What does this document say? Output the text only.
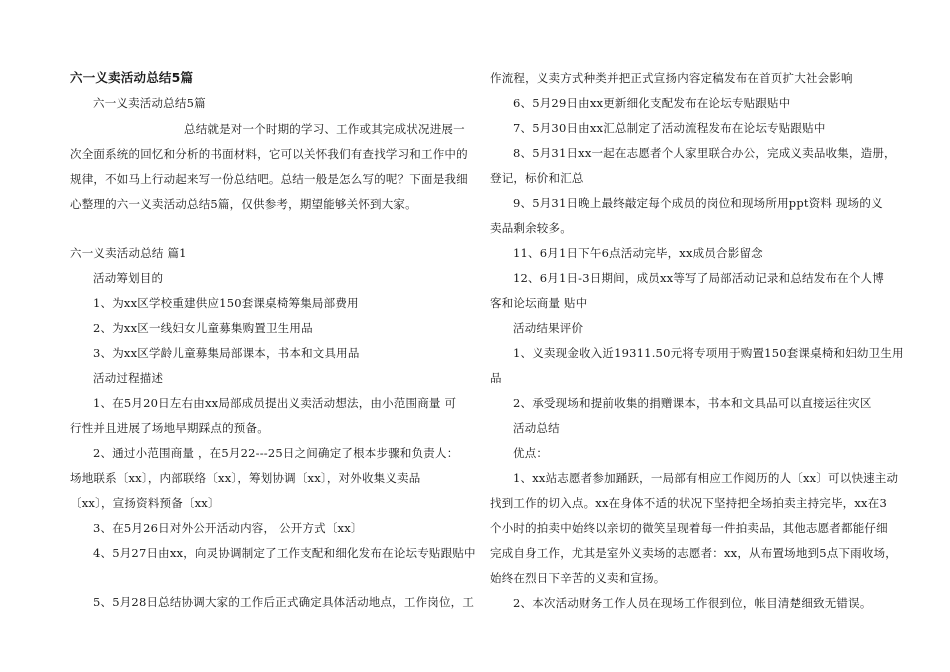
六一义卖活动总结5篇
六一义卖活动总结5篇
总结就是对一个时期的学习、工作或其完成状况进展一
次全面系统的回忆和分析的书面材料，它可以关怀我们有查找学习和工作中的
规律，不如马上行动起来写一份总结吧。总结一般是怎么写的呢？下面是我细
心整理的六一义卖活动总结5篇，仅供参考，期望能够关怀到大家。
六一义卖活动总结 篇1
活动筹划目的
1、为xx区学校重建供应150套课桌椅筹集局部费用
2、为xx区一线妇女儿童募集购置卫生用品
3、为xx区学龄儿童募集局部课本，书本和文具用品
活动过程描述
1、在5月20日左右由xx局部成员提出义卖活动想法，由小范围商量 可
行性并且进展了场地早期踩点的预备。
2、通过小范围商量 ，在5月22---25日之间确定了根本步骤和负责人：
场地联系〔xx〕，内部联络〔xx〕，筹划协调〔xx〕，对外收集义卖品
〔xx〕，宣扬资料预备〔xx〕
3、在5月26日对外公开活动内容， 公开方式〔xx〕
4、5月27日由xx，向灵协调制定了工作支配和细化发布在论坛专贴跟贴中
5、5月28日总结协调大家的工作后正式确定具体活动地点，工作岗位，工
作流程，义卖方式种类并把正式宣扬内容定稿发布在首页扩大社会影响
6、5月29日由xx更新细化支配发布在论坛专贴跟贴中
7、5月30日由xx汇总制定了活动流程发布在论坛专贴跟贴中
8、5月31日xx一起在志愿者个人家里联合办公，完成义卖品收集，造册，
登记，标价和汇总
9、5月31日晚上最终敲定每个成员的岗位和现场所用ppt资料 现场的义
卖品剩余较多。
11、6月1日下午6点活动完毕，xx成员合影留念
12、6月1日-3日期间，成员xx等写了局部活动记录和总结发布在个人博
客和论坛商量 贴中
活动结果评价
1、义卖现金收入近19311.50元将专项用于购置150套课桌椅和妇幼卫生用
品
2、承受现场和提前收集的捐赠课本，书本和文具品可以直接运往灾区
活动总结
优点：
1、xx站志愿者参加踊跃，一局部有相应工作阅历的人〔xx〕可以快速主动
找到工作的切入点。xx在身体不适的状况下坚持把全场拍卖主持完毕，xx在3
个小时的拍卖中始终以亲切的微笑呈现着每一件拍卖品，其他志愿者都能仔细
完成自身工作，尤其是室外义卖场的志愿者：xx，从布置场地到5点下雨收场，
始终在烈日下辛苦的义卖和宣扬。
2、本次活动财务工作人员在现场工作很到位，帐目清楚细致无错误。
